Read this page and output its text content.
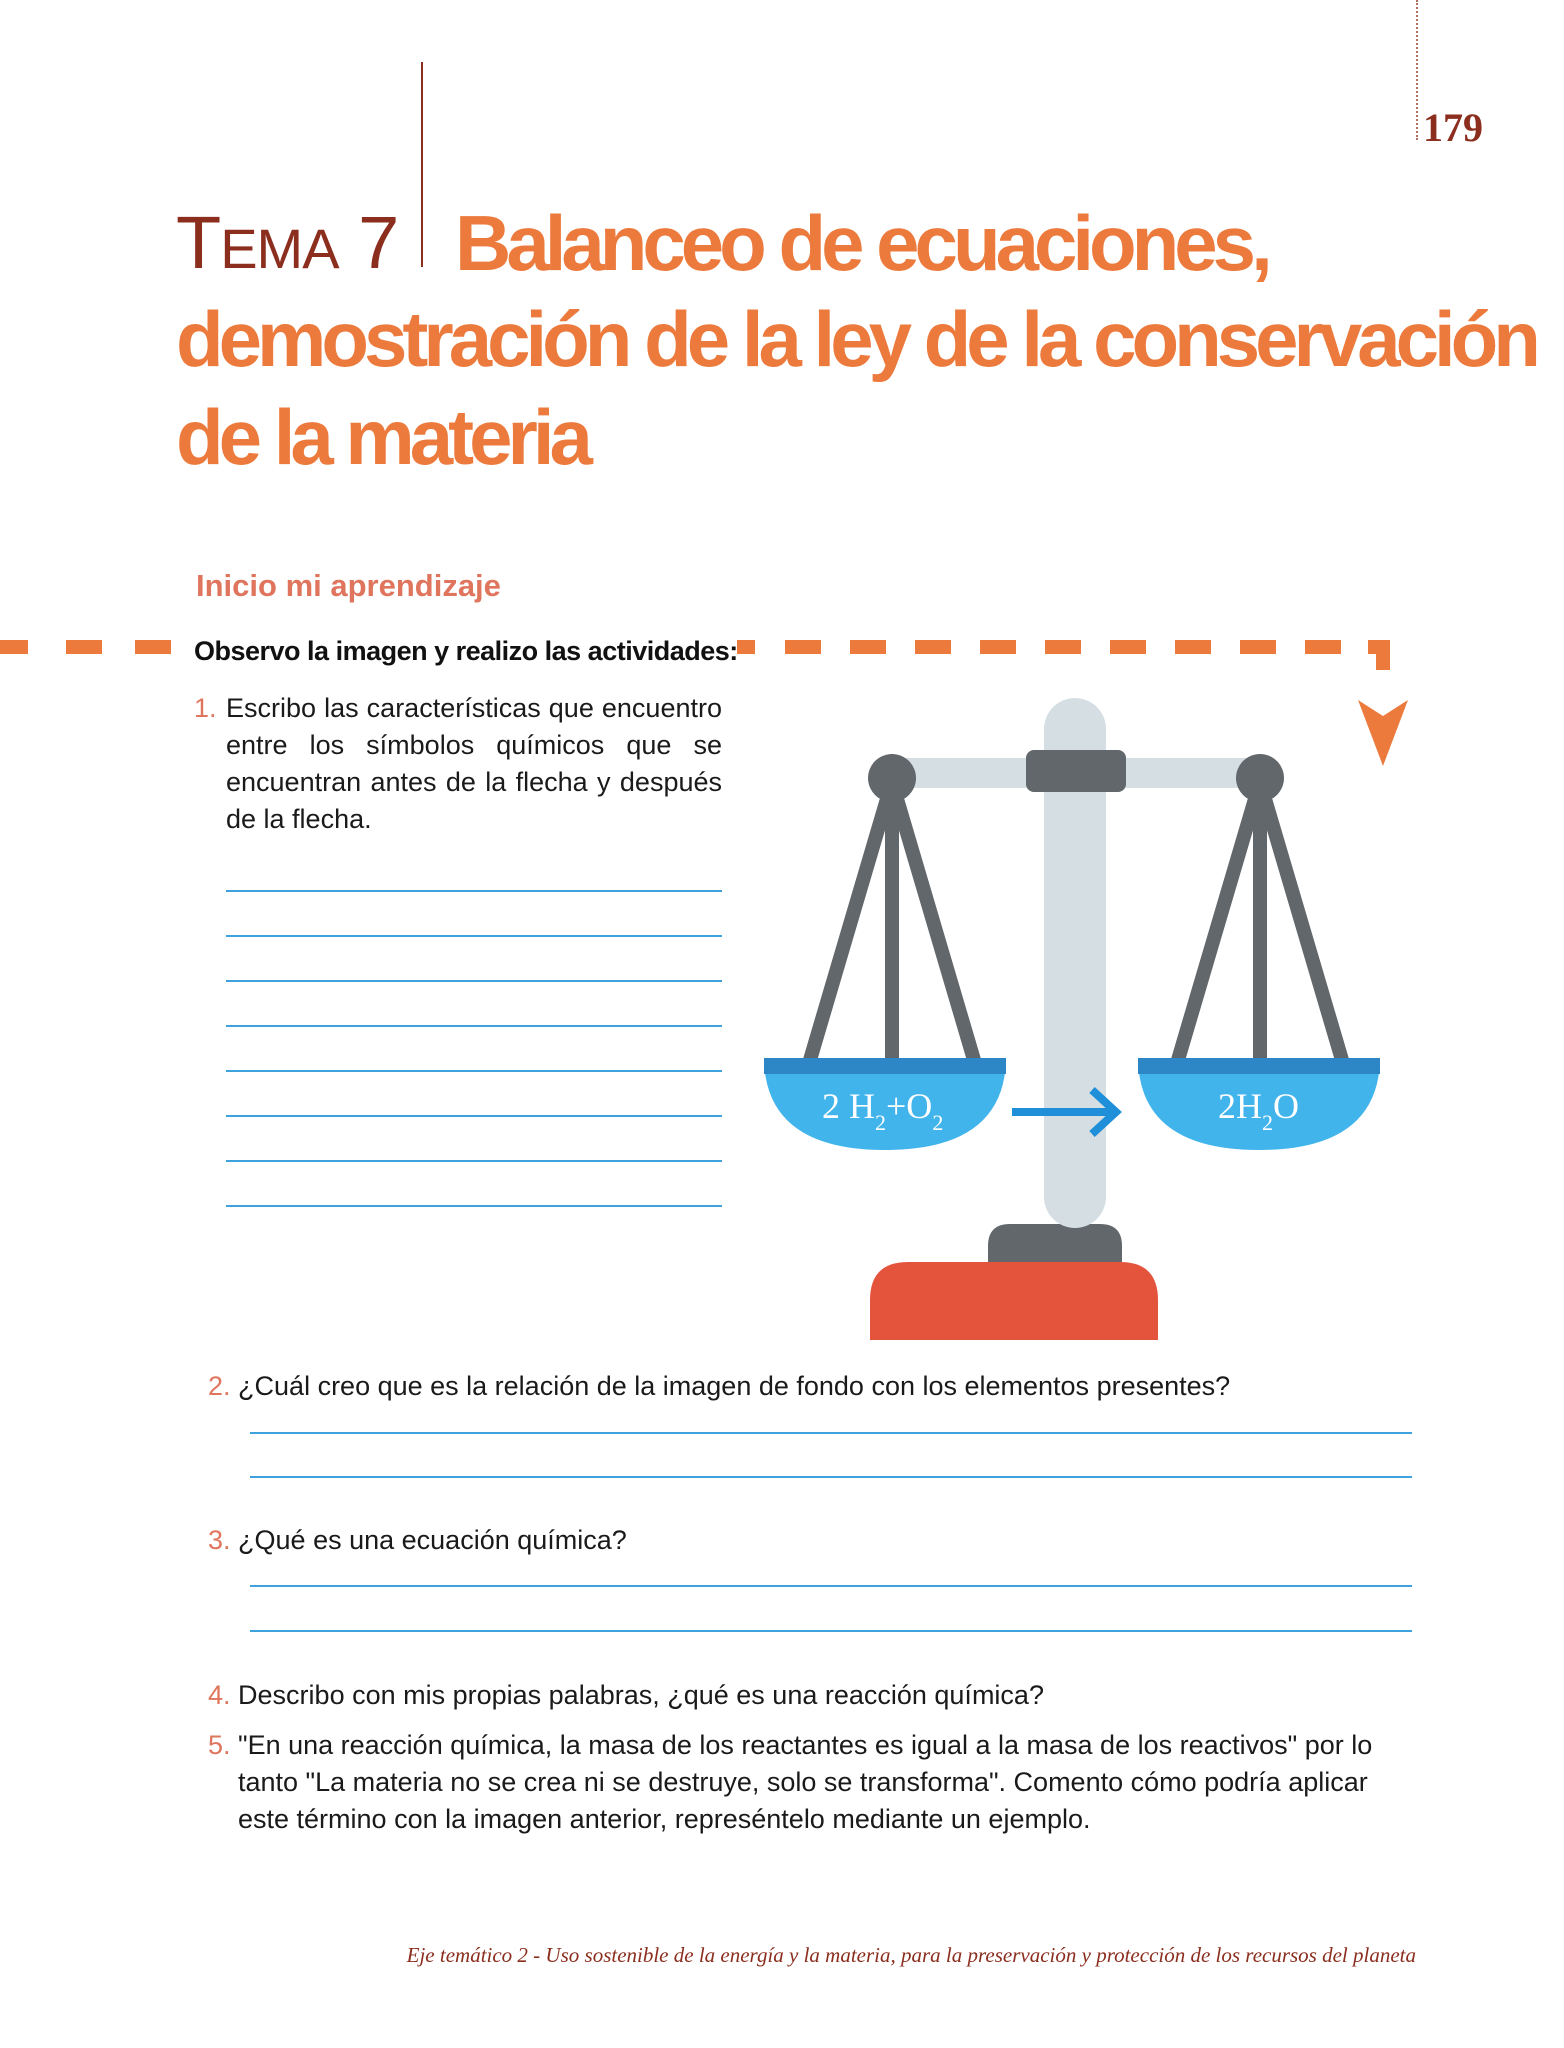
179
TEMA 7 Balanceo de ecuaciones,
demostración de la ley de la conservación
de la materia
Inicio mi aprendizaje
Observo la imagen y realizo las actividades:
1. Escribo las características que encuentro entre los símbolos químicos que se encuentran antes de la flecha y después de la flecha.
2 $H_2+O_2$	$2H_2O$
2. ¿Cuál creo que es la relación de la imagen de fondo con los elementos presentes?
3. ¿Qué es una ecuación química?
4. Describo con mis propias palabras, ¿qué es una reacción química?
5. "En una reacción química, la masa de los reactantes es igual a la masa de los reactivos" por lo tanto "La materia no se crea ni se destruye, solo se transforma". Comento cómo podría aplicar este término con la imagen anterior, represéntelo mediante un ejemplo.
Eje temático 2 - Uso sostenible de la energía y la materia, para la preservación y protección de los recursos del planeta
